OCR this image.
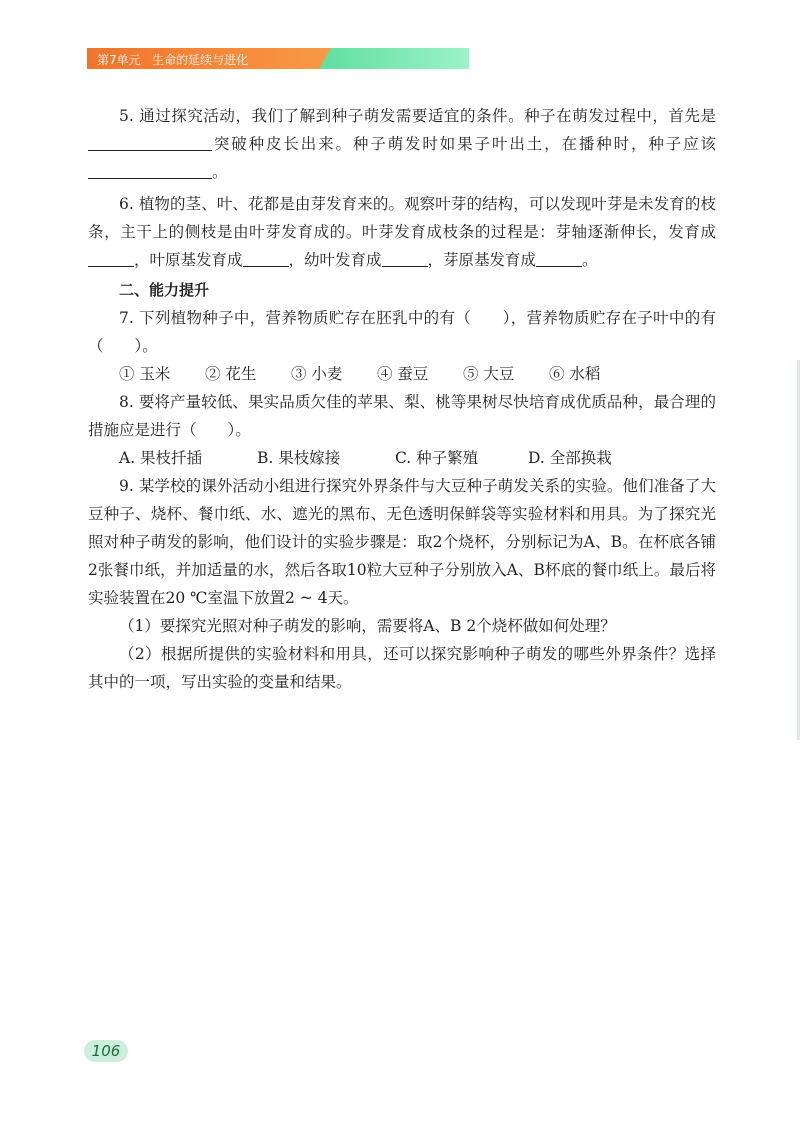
第7单元   生命的延续与进化

5. 通过探究活动，我们了解到种子萌发需要适宜的条件。种子在萌发过程中，首先是突破种皮长出来。种子萌发时如果子叶出土，在播种时，种子应该。

6. 植物的茎、叶、花都是由芽发育来的。观察叶芽的结构，可以发现叶芽是未发育的枝条，主干上的侧枝是由叶芽发育成的。叶芽发育成枝条的过程是：芽轴逐渐伸长，发育成，叶原基发育成	，幼叶发育成	，芽原基发育成	。

二、能力提升

7. 下列植物种子中，营养物质贮存在胚乳中的有（　　），营养物质贮存在子叶中的有（　　）。

① 玉米 ② 花生 ③ 小麦 ④ 蚕豆 ⑤ 大豆 ⑥ 水稻

8. 要将产量较低、果实品质欠佳的苹果、梨、桃等果树尽快培育成优质品种，最合理的措施应是进行（　　）。

A. 果枝扦插	B. 果枝嫁接	C. 种子繁殖	D. 全部换栽

9. 某学校的课外活动小组进行探究外界条件与大豆种子萌发关系的实验。他们准备了大豆种子、烧杯、餐巾纸、水、遮光的黑布、无色透明保鲜袋等实验材料和用具。为了探究光照对种子萌发的影响，他们设计的实验步骤是：取2个烧杯，分别标记为A、B。在杯底各铺2张餐巾纸，并加适量的水，然后各取10粒大豆种子分别放入A、B杯底的餐巾纸上。最后将实验装置在20 ℃室温下放置2 ~ 4天。

（1）要探究光照对种子萌发的影响，需要将A、B 2个烧杯做如何处理？

（2）根据所提供的实验材料和用具，还可以探究影响种子萌发的哪些外界条件？选择其中的一项，写出实验的变量和结果。

106
